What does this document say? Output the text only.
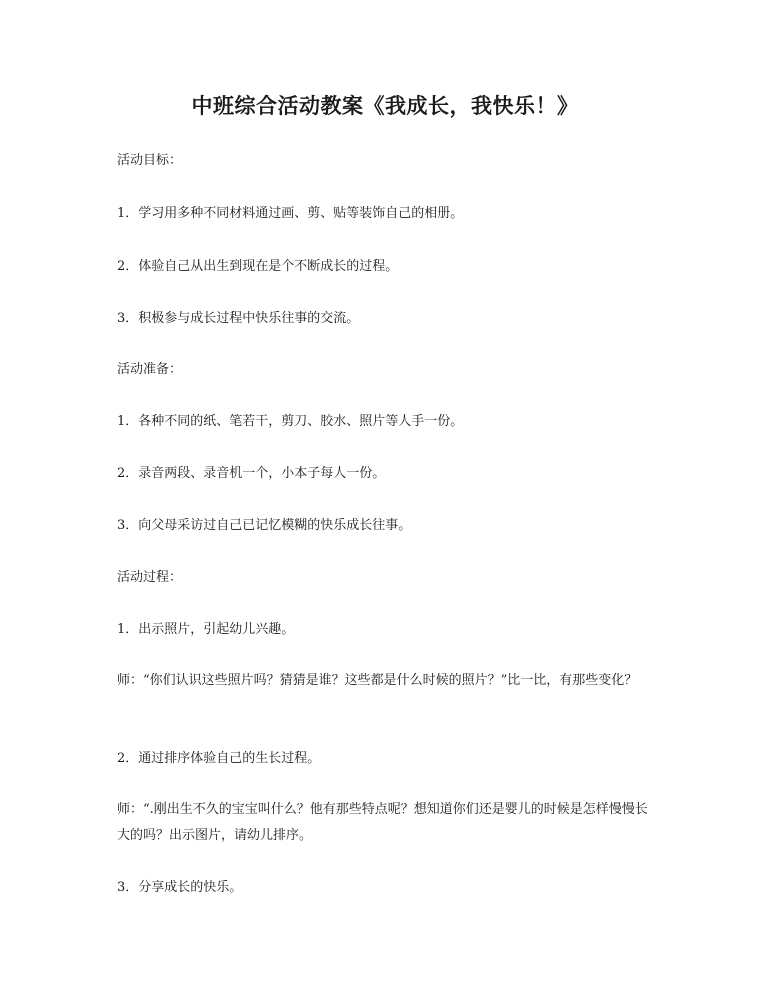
中班综合活动教案《我成长，我快乐！》
活动目标：
1．学习用多种不同材料通过画、剪、贴等装饰自己的相册。
2．体验自己从出生到现在是个不断成长的过程。
3．积极参与成长过程中快乐往事的交流。
活动准备：
1．各种不同的纸、笔若干，剪刀、胶水、照片等人手一份。
2．录音两段、录音机一个，小本子每人一份。
3．向父母采访过自己已记忆模糊的快乐成长往事。
活动过程：
1．出示照片，引起幼儿兴趣。
师：“你们认识这些照片吗？猜猜是谁？这些都是什么时候的照片？”比一比，有那些变化？
2．通过排序体验自己的生长过程。
师：“.刚出生不久的宝宝叫什么？他有那些特点呢？想知道你们还是婴儿的时候是怎样慢慢长大的吗？出示图片，请幼儿排序。
3．分享成长的快乐。
